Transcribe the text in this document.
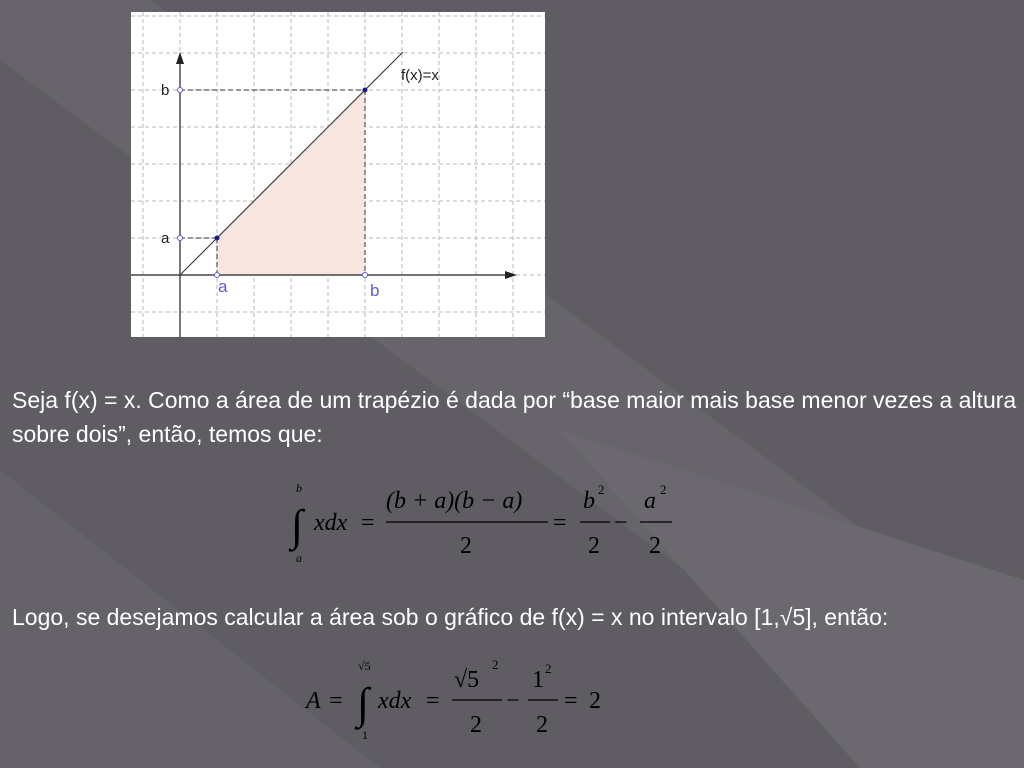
f(x)=x
b
a
a	b

Seja f(x) = x. Como a área de um trapézio é dada por “base maior mais base menor vezes a altura sobre dois”, então, temos que:

b
∫
a
xdx =
(b + a)(b − a)
2
=
b 2
2
−
a 2
2

Logo, se desejamos calcular a área sob o gráfico de f(x) = x no intervalo [1,√5], então:

A =
√5
∫
1
xdx =
√5
2
2
−
1 2
2
= 2
